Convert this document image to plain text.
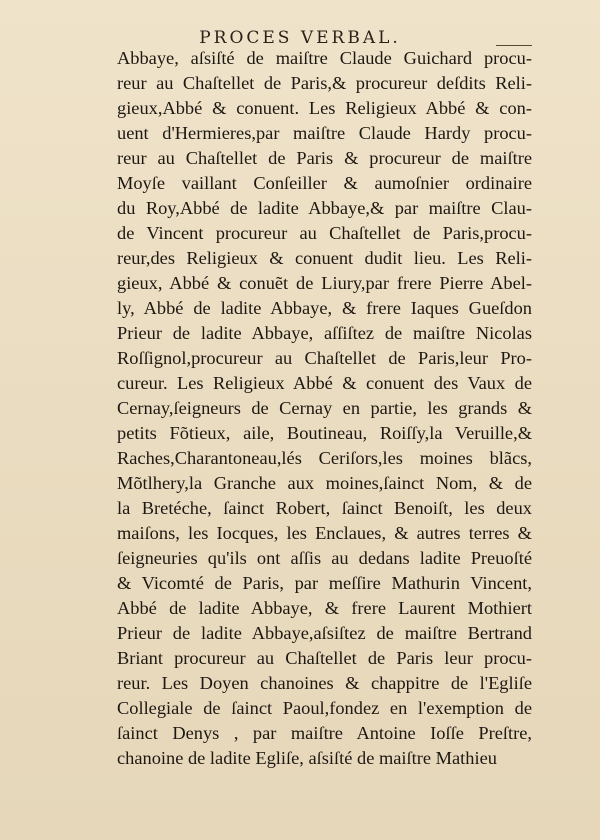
PROCES VERBAL.
Abbaye, aſsiſté de maiſtre Claude Guichard procu-
reur au Chaſtellet de Paris,& procureur deſdits Reli-
gieux,Abbé & conuent. Les Religieux Abbé & con-
uent d'Hermieres,par maiſtre Claude Hardy procu-
reur au Chaſtellet de Paris & procureur de maiſtre
Moyſe vaillant Conſeiller & aumoſnier ordinaire
du Roy,Abbé de ladite Abbaye,& par maiſtre Clau-
de Vincent procureur au Chaſtellet de Paris,procu-
reur,des Religieux & conuent dudit lieu. Les Reli-
gieux, Abbé & conuẽt de Liury,par frere Pierre Abel-
ly, Abbé de ladite Abbaye, & frere Iaques Gueſdon
Prieur de ladite Abbaye, aſſiſtez de maiſtre Nicolas
Roſſignol,procureur au Chaſtellet de Paris,leur Pro-
cureur. Les Religieux Abbé & conuent des Vaux de
Cernay,ſeigneurs de Cernay en partie, les grands &
petits Fõtieux, aile, Boutineau, Roiſſy,la Veruille,&
Raches,Charantoneau,lés Ceriſors,les moines blãcs,
Mõtlhery,la Granche aux moines,ſainct Nom, & de
la Bretéche, ſainct Robert, ſainct Benoiſt, les deux
maiſons, les Iocques, les Enclaues, & autres terres &
ſeigneuries qu'ils ont aſſis au dedans ladite Preuoſté
& Vicomté de Paris, par meſſire Mathurin Vincent,
Abbé de ladite Abbaye, & frere Laurent Mothiert
Prieur de ladite Abbaye,aſsiſtez de maiſtre Bertrand
Briant procureur au Chaſtellet de Paris leur procu-
reur. Les Doyen chanoines & chappitre de l'Egliſe
Collegiale de ſainct Paoul,fondez en l'exemption de
ſainct Denys , par maiſtre Antoine Ioſſe Preſtre,
chanoine de ladite Egliſe, aſsiſté de maiſtre Mathieu
